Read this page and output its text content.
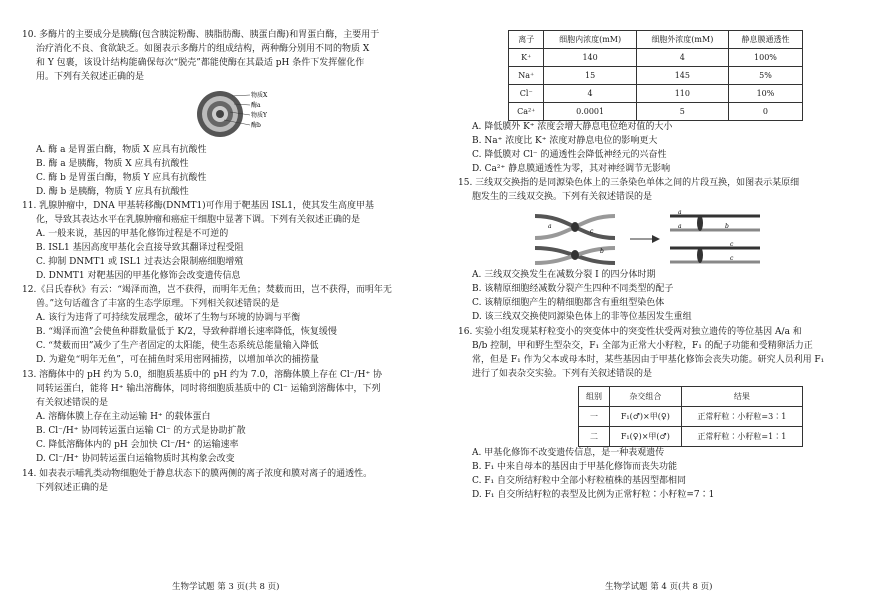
10. 多酶片的主要成分是胰酶(包含胰淀粉酶、胰脂肪酶、胰蛋白酶)和胃蛋白酶，主要用于
治疗消化不良、食欲缺乏。如图表示多酶片的组成结构，两种酶分别用不同的物质 X
和 Y 包裹，该设计结构能确保每次“脱壳”都能使酶在其最适 pH 条件下发挥催化作
用。下列有关叙述正确的是
物质X
酶a
物质Y
酶b
A. 酶 a 是胃蛋白酶，物质 X 应具有抗酸性
B. 酶 a 是胰酶，物质 X 应具有抗酸性
C. 酶 b 是胃蛋白酶，物质 Y 应具有抗酸性
D. 酶 b 是胰酶，物质 Y 应具有抗酸性
11. 乳腺肿瘤中，DNA 甲基转移酶(DNMT1)可作用于靶基因 ISL1，使其发生高度甲基
化，导致其表达水平在乳腺肿瘤和癌症干细胞中显著下调。下列有关叙述正确的是
A. 一般来说，基因的甲基化修饰过程是不可逆的
B. ISL1 基因高度甲基化会直接导致其翻译过程受阻
C. 抑制 DNMT1 或 ISL1 过表达会限制癌细胞增殖
D. DNMT1 对靶基因的甲基化修饰会改变遗传信息
12.《吕氏春秋》有云：“竭泽而渔，岂不获得，而明年无鱼；焚薮而田，岂不获得，而明年无
兽。”这句话蕴含了丰富的生态学原理。下列相关叙述错误的是
A. 该行为违背了可持续发展理念，破坏了生物与环境的协调与平衡
B. “竭泽而渔”会使鱼种群数量低于 K/2，导致种群增长速率降低，恢复缓慢
C. “焚薮而田”减少了生产者固定的太阳能，使生态系统总能量输入降低
D. 为避免“明年无鱼”，可在捕鱼时采用密网捕捞，以增加单次的捕捞量
13. 溶酶体中的 pH 约为 5.0，细胞质基质中的 pH 约为 7.0，溶酶体膜上存在 Cl⁻/H⁺ 协
同转运蛋白，能将 H⁺ 输出溶酶体，同时将细胞质基质中的 Cl⁻ 运输到溶酶体中，下列
有关叙述错误的是
A. 溶酶体膜上存在主动运输 H⁺ 的载体蛋白
B. Cl⁻/H⁺ 协同转运蛋白运输 Cl⁻ 的方式是协助扩散
C. 降低溶酶体内的 pH 会加快 Cl⁻/H⁺ 的运输速率
D. Cl⁻/H⁺ 协同转运蛋白运输物质时其构象会改变
14. 如表表示哺乳类动物细胞处于静息状态下的膜两侧的离子浓度和膜对离子的通透性。
下列叙述正确的是
生物学试题 第 3 页(共 8 页)
离子	细胞内浓度(mM)	细胞外浓度(mM)	静息膜通透性
K⁺	140	4	100%
Na⁺	15	145	5%
Cl⁻	4	110	10%
Ca²⁺	0.0001	5	0
A. 降低膜外 K⁺ 浓度会增大静息电位绝对值的大小
B. Na⁺ 浓度比 K⁺ 浓度对静息电位的影响更大
C. 降低膜对 Cl⁻ 的通透性会降低神经元的兴奋性
D. Ca²⁺ 静息膜通透性为零，其对神经调节无影响
15. 三线双交换指的是同源染色体上的三条染色单体之间的片段互换，如图表示某原细
胞发生的三线双交换。下列有关叙述错误的是
a
c
b
a
a	b
c
c
A. 三线双交换发生在减数分裂 I 的四分体时期
B. 该精原细胞经减数分裂产生四种不同类型的配子
C. 该精原细胞产生的精细胞都含有重组型染色体
D. 该三线双交换使同源染色体上的非等位基因发生重组
16. 实验小组发现某籽粒变小的突变体中的突变性状受两对独立遗传的等位基因 A/a 和
B/b 控制，甲和野生型杂交，F₁ 全部为正常大小籽粒，F₁ 的配子功能和受精卵活力正
常，但是 F₁ 作为父本或母本时，某些基因由于甲基化修饰会丧失功能。研究人员利用 F₁
进行了如表杂交实验。下列有关叙述错误的是
组别	杂交组合	结果
一	F₁(♂)×甲(♀)	正常籽粒∶小籽粒=3∶1
二	F₁(♀)×甲(♂)	正常籽粒∶小籽粒=1∶1
A. 甲基化修饰不改变遗传信息，是一种表观遗传
B. F₁ 中来自母本的基因由于甲基化修饰而丧失功能
C. F₁ 自交所结籽粒中全部小籽粒植株的基因型都相同
D. F₁ 自交所结籽粒的表型及比例为正常籽粒∶小籽粒=7∶1
生物学试题 第 4 页(共 8 页)
